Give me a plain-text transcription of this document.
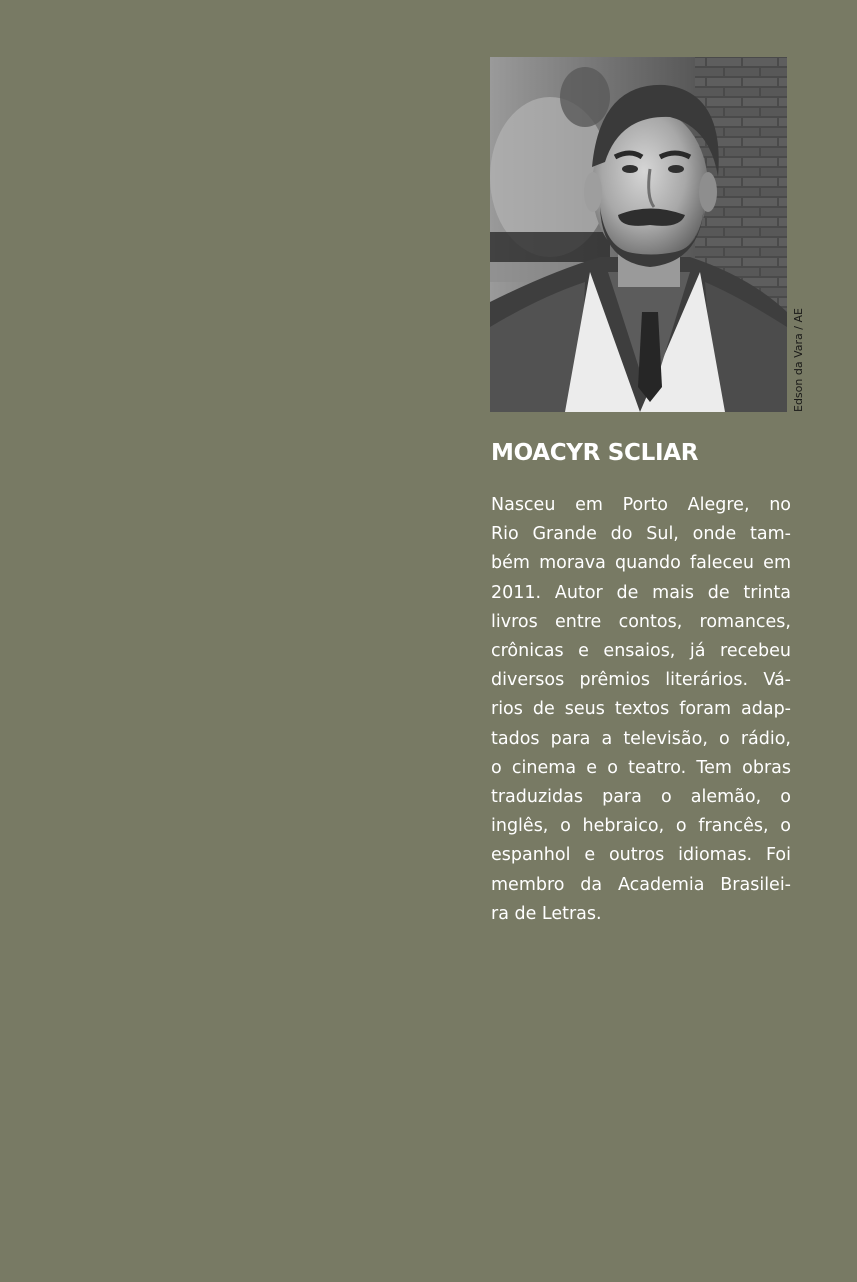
Edson da Vara / AE
MOACYR SCLIAR

Nasceu em Porto Alegre, no
Rio Grande do Sul, onde tam-
bém morava quando faleceu em
2011. Autor de mais de trinta
livros entre contos, romances,
crônicas e ensaios, já recebeu
diversos prêmios literários. Vá-
rios de seus textos foram adap-
tados para a televisão, o rádio,
o cinema e o teatro. Tem obras
traduzidas para o alemão, o
inglês, o hebraico, o francês, o
espanhol e outros idiomas. Foi
membro da Academia Brasilei-
ra de Letras.
